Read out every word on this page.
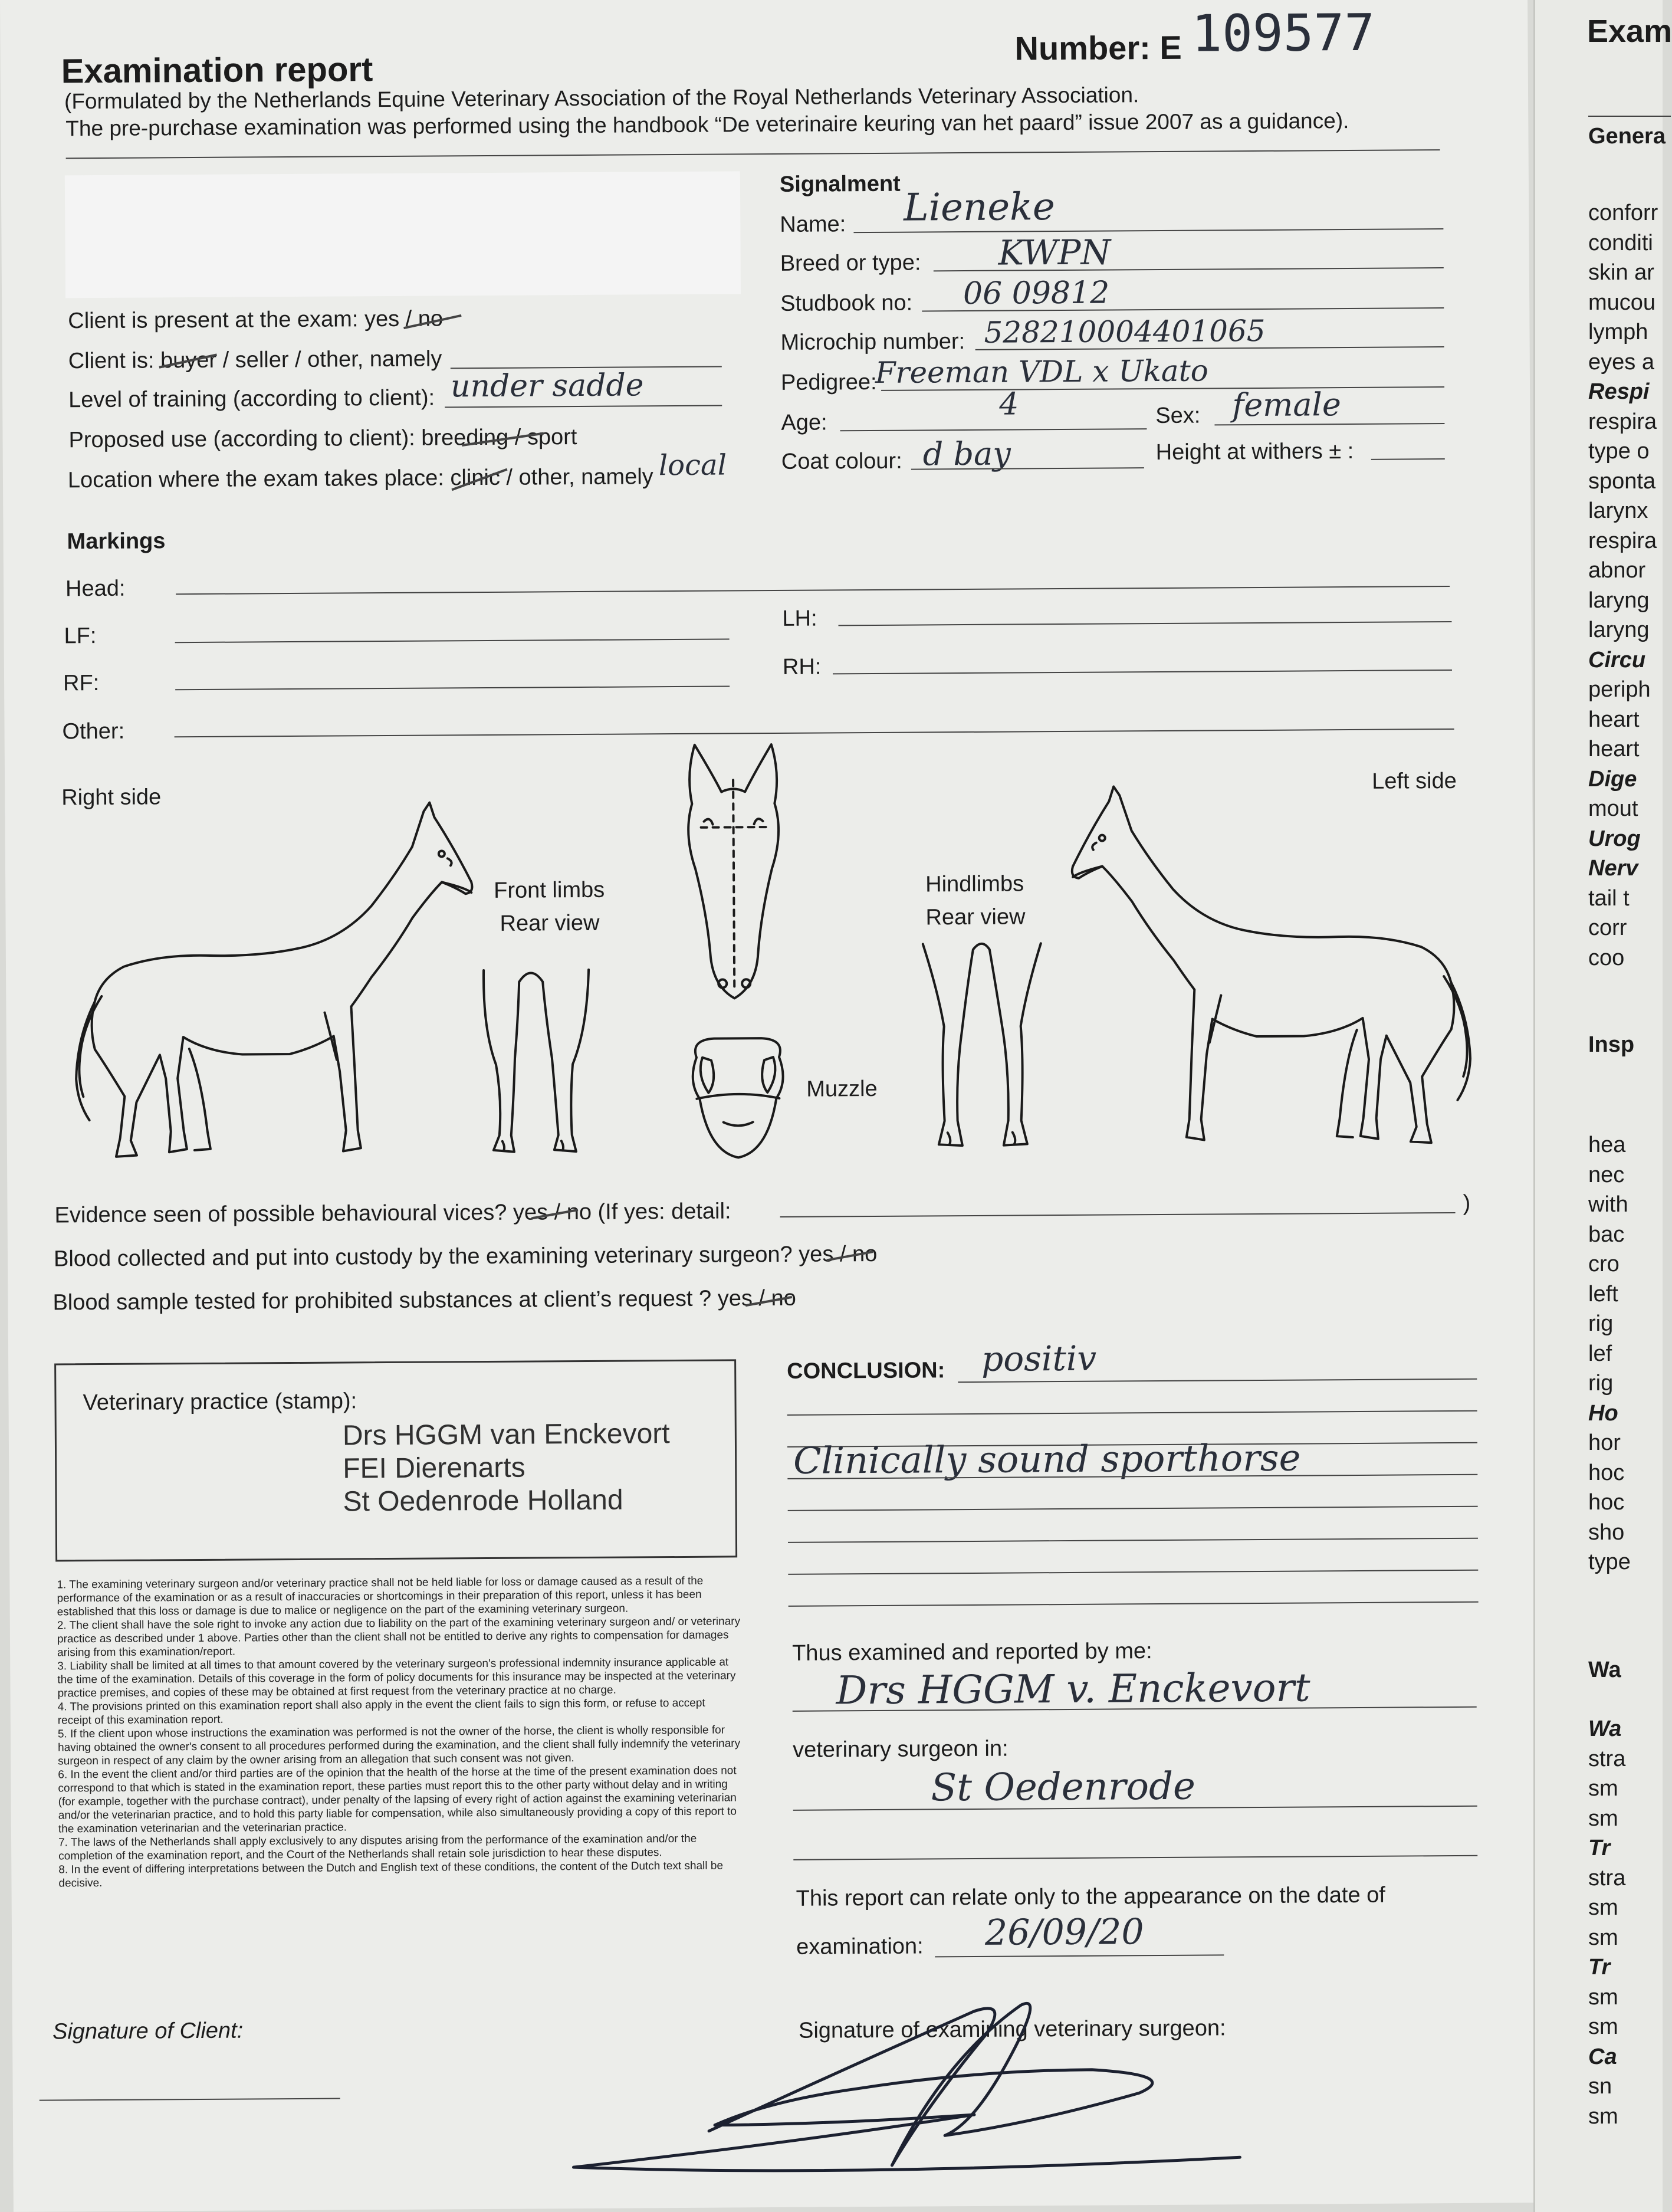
Examination report
Number: E 109577
(Formulated by the Netherlands Equine Veterinary Association of the Royal Netherlands Veterinary Association.
The pre-purchase examination was performed using the handbook “De veterinaire keuring van het paard” issue 2007 as a guidance).
Client is present at the exam: yes / no
Client is: buyer / seller / other, namely
Level of training (according to client): under sadde
Proposed use (according to client): breeding / sport
Location where the exam takes place: clinic / other, namely local
Signalment
Name: Lieneke
Breed or type: KWPN
Studbook no: 06 09812
Microchip number: 528210004401065
Pedigree:
Freeman VDL x Ukato
Age:
4	Sex: female
Coat colour: d bay	Height at withers ± :
Markings
Head:
LF:
LH:
RF:
RH:
Other:
Right side
Left side
Front limbs
Rear view
Hindlimbs
Rear view
Muzzle
Evidence seen of possible behavioural vices? yes / no (If yes: detail:	)
Blood collected and put into custody by the examining veterinary surgeon? yes / no
Blood sample tested for prohibited substances at client’s request ? yes / no
Veterinary practice (stamp):
Drs HGGM van Enckevort
FEI Dierenarts
St Oedenrode Holland
1. The examining veterinary surgeon and/or veterinary practice shall not be held liable for loss or damage caused as a result of the performance of the examination or as a result of inaccuracies or shortcomings in their preparation of this report, unless it has been established that this loss or damage is due to malice or negligence on the part of the examining veterinary surgeon.
2. The client shall have the sole right to invoke any action due to liability on the part of the examining veterinary surgeon and/ or veterinary practice as described under 1 above. Parties other than the client shall not be entitled to derive any rights to compensation for damages arising from this examination/report.
3. Liability shall be limited at all times to that amount covered by the veterinary surgeon's professional indemnity insurance applicable at the time of the examination. Details of this coverage in the form of policy documents for this insurance may be inspected at the veterinary practice premises, and copies of these may be obtained at first request from the veterinary practice at no charge.
4. The provisions printed on this examination report shall also apply in the event the client fails to sign this form, or refuse to accept receipt of this examination report.
5. If the client upon whose instructions the examination was performed is not the owner of the horse, the client is wholly responsible for having obtained the owner's consent to all procedures performed during the examination, and the client shall fully indemnify the veterinary surgeon in respect of any claim by the owner arising from an allegation that such consent was not given.
6. In the event the client and/or third parties are of the opinion that the health of the horse at the time of the present examination does not correspond to that which is stated in the examination report, these parties must report this to the other party without delay and in writing (for example, together with the purchase contract), under penalty of the lapsing of every right of action against the examining veterinarian and/or the veterinarian practice, and to hold this party liable for compensation, while also simultaneously providing a copy of this report to the examination veterinarian and the veterinarian practice.
7. The laws of the Netherlands shall apply exclusively to any disputes arising from the performance of the examination and/or the completion of the examination report, and the Court of the Netherlands shall retain sole jurisdiction to hear these disputes.
8. In the event of differing interpretations between the Dutch and English text of these conditions, the content of the Dutch text shall be decisive.
CONCLUSION: positiv
Clinically sound sporthorse
Thus examined and reported by me:
Drs HGGM v. Enckevort
veterinary surgeon in:
St Oedenrode
This report can relate only to the appearance on the date of
examination: 26/09/20
Signature of examining veterinary surgeon:
Signature of Client:
Exam
Genera
conforr
conditi
skin ar
mucou
lymph
eyes a
Respi
respira
type o
sponta
larynx
respira
abnor
laryng
laryng
Circu
periph
heart
heart
Dige
mout
Urog
Nerv
tail t
corr
coo
Insp
hea
nec
with
bac
cro
left
rig
lef
rig
Ho
hor
hoc
hoc
sho
type
Wa
Wa
stra
sm
sm
Tr
stra
sm
sm
Tr
sm
sm
Ca
sn
sm
